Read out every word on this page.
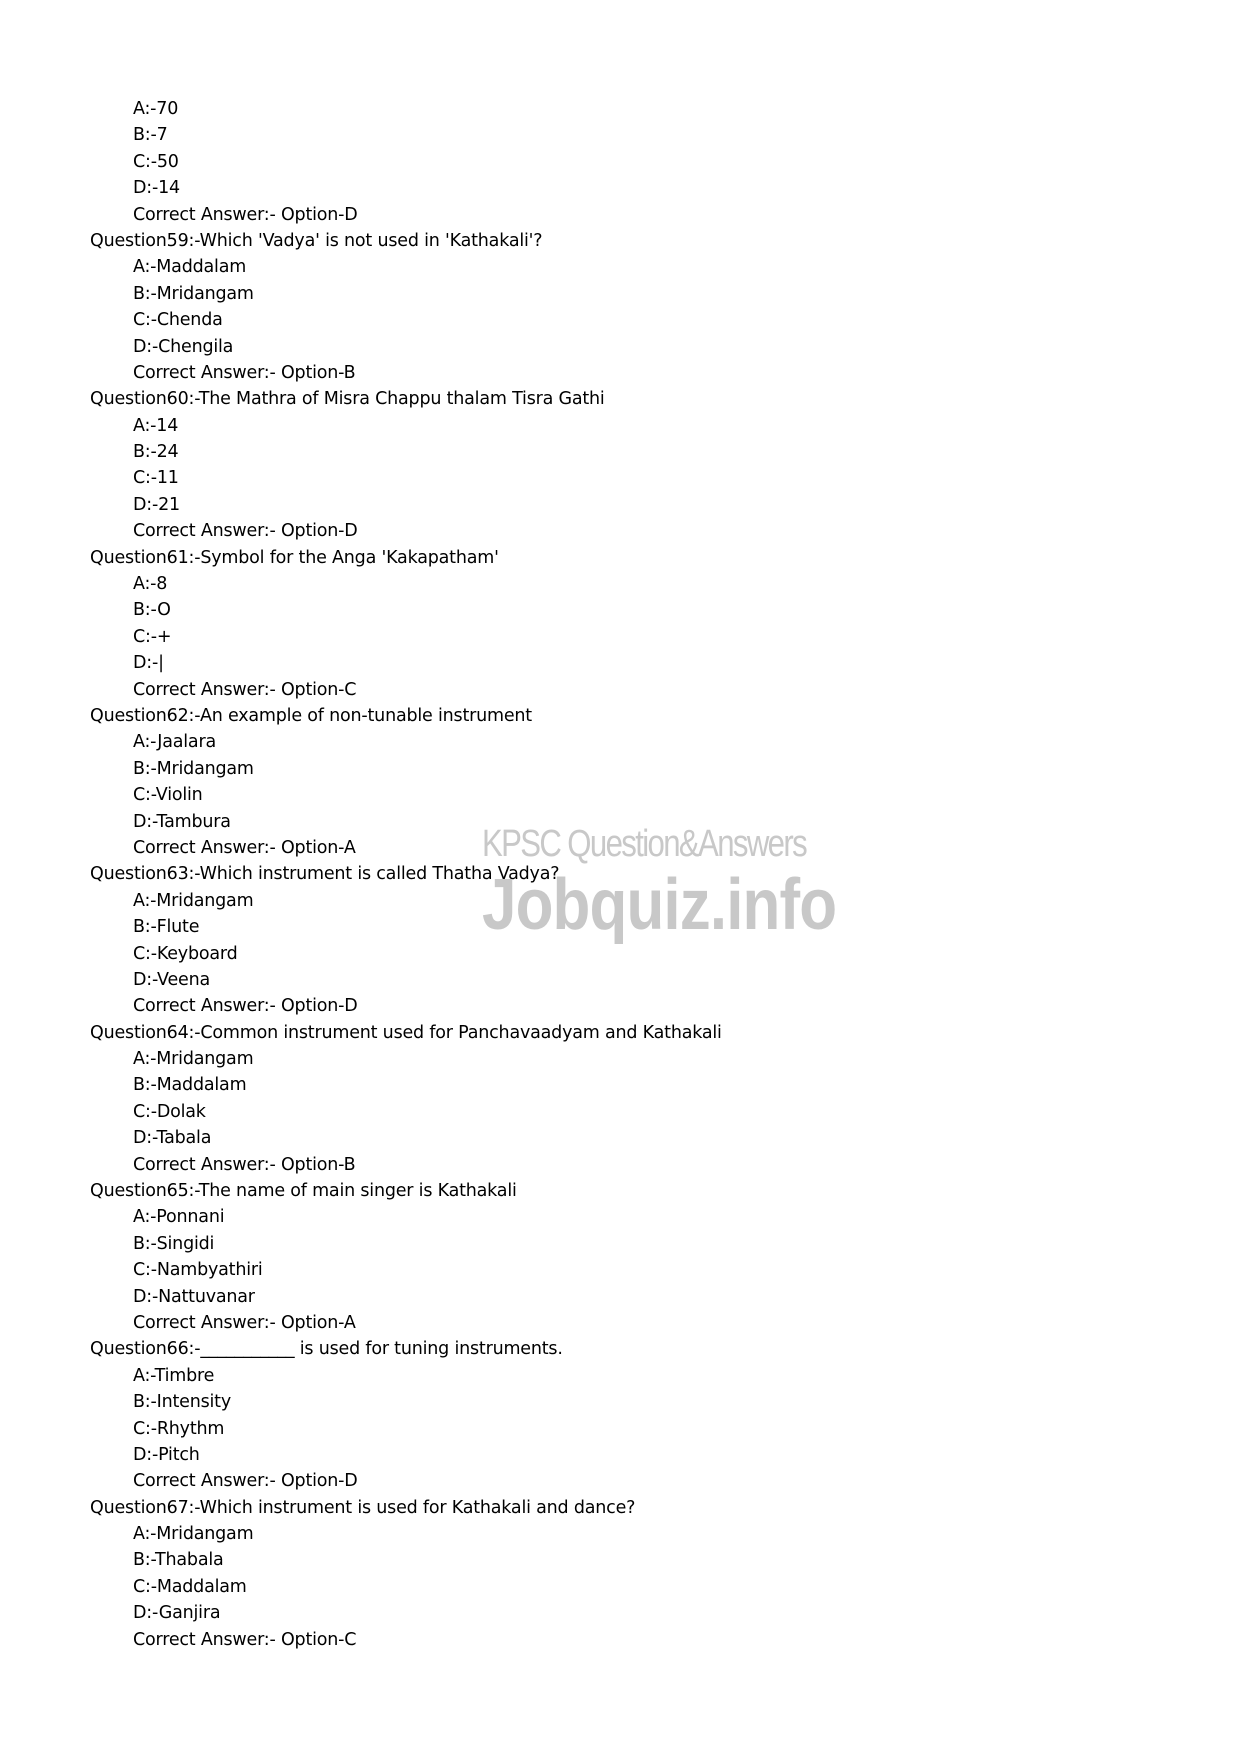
A:-70
B:-7
C:-50
D:-14
Correct Answer:- Option-D
Question59:-Which 'Vadya' is not used in 'Kathakali'?
A:-Maddalam
B:-Mridangam
C:-Chenda
D:-Chengila
Correct Answer:- Option-B
Question60:-The Mathra of Misra Chappu thalam Tisra Gathi
A:-14
B:-24
C:-11
D:-21
Correct Answer:- Option-D
Question61:-Symbol for the Anga 'Kakapatham'
A:-8
B:-O
C:-+
D:-|
Correct Answer:- Option-C
Question62:-An example of non-tunable instrument
A:-Jaalara
B:-Mridangam
C:-Violin
D:-Tambura
Correct Answer:- Option-A
Question63:-Which instrument is called Thatha Vadya?
A:-Mridangam
B:-Flute
C:-Keyboard
D:-Veena
Correct Answer:- Option-D
Question64:-Common instrument used for Panchavaadyam and Kathakali
A:-Mridangam
B:-Maddalam
C:-Dolak
D:-Tabala
Correct Answer:- Option-B
Question65:-The name of main singer is Kathakali
A:-Ponnani
B:-Singidi
C:-Nambyathiri
D:-Nattuvanar
Correct Answer:- Option-A
Question66:-___________ is used for tuning instruments.
A:-Timbre
B:-Intensity
C:-Rhythm
D:-Pitch
Correct Answer:- Option-D
Question67:-Which instrument is used for Kathakali and dance?
A:-Mridangam
B:-Thabala
C:-Maddalam
D:-Ganjira
Correct Answer:- Option-C
KPSC Question&Answers
Jobquiz.info
